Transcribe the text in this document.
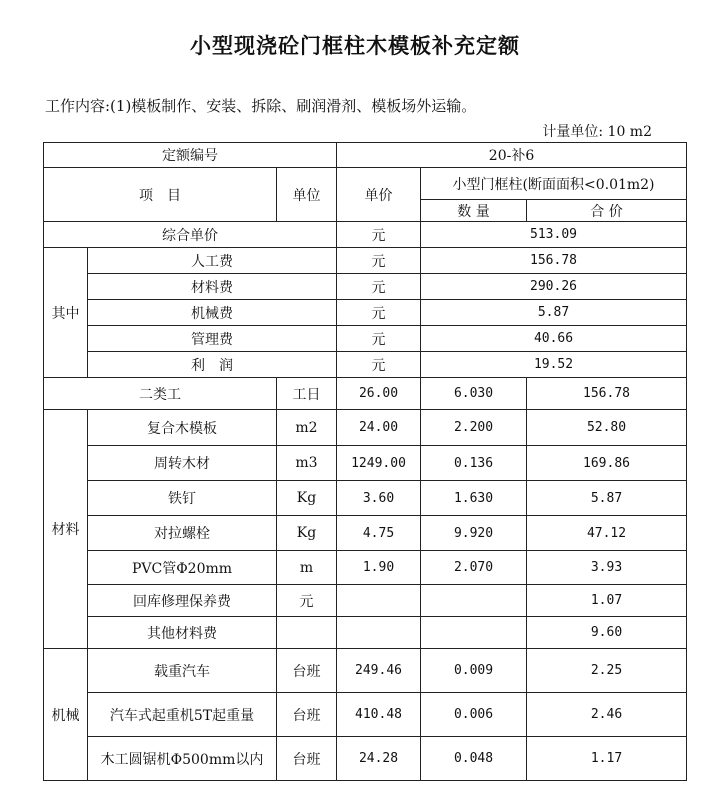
小型现浇砼门框柱木模板补充定额
工作内容:(1)模板制作、安装、拆除、刷润滑剂、模板场外运输。
计量单位: 10 m2
定额编号			20-补6		
项　目		单位	单价	小型门框柱(断面面积<0.01m2)	
				数 量	合 价
综合单价			元	513.09	
其中	人工费		元	156.78	
	材料费		元	290.26	
	机械费		元	5.87	
	管理费		元	40.66	
	利　润		元	19.52	
二类工		工日	26.00	6.030	156.78
材料	复合木模板	m2	24.00	2.200	52.80
	周转木材	m3	1249.00	0.136	169.86
	铁钉	Kg	3.60	1.630	5.87
	对拉螺栓	Kg	4.75	9.920	47.12
	PVC管Φ20mm	m	1.90	2.070	3.93
	回库修理保养费	元			1.07
	其他材料费				9.60
机械	载重汽车	台班	249.46	0.009	2.25
	汽车式起重机5T起重量	台班	410.48	0.006	2.46
	木工圆锯机Φ500mm以内	台班	24.28	0.048	1.17
